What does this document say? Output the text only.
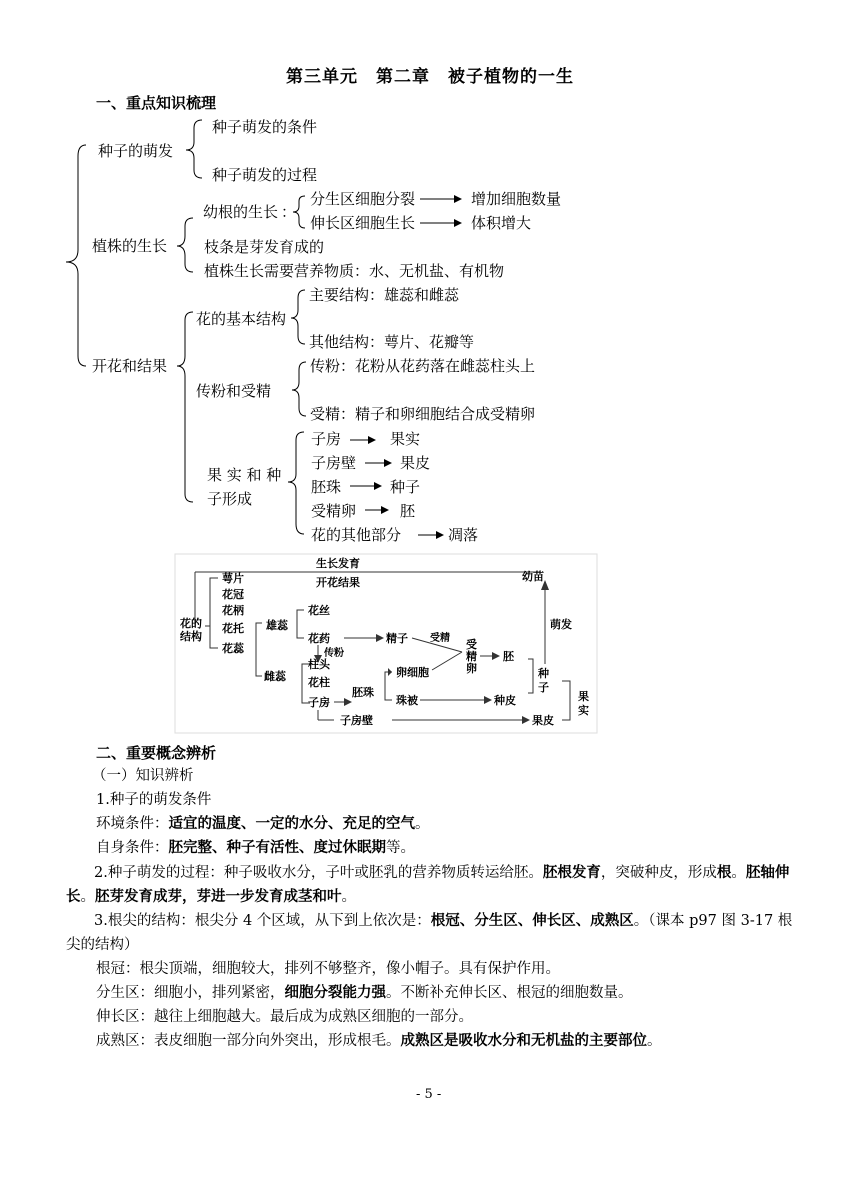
第三单元　第二章　被子植物的一生
一、重点知识梳理
种子的萌发
种子萌发的条件
种子萌发的过程
植株的生长
幼根的生长 ：
分生区细胞分裂	增加细胞数量
伸长区细胞生长	体积增大
枝条是芽发育成的
植株生长需要营养物质：水、无机盐、有机物
开花和结果
花的基本结构
主要结构：雄蕊和雌蕊
其他结构：萼片、花瓣等
传粉和受精
传粉：花粉从花药落在雌蕊柱头上
受精：精子和卵细胞结合成受精卵
果 实 和 种
子形成
子房	果实
子房壁	果皮
胚珠	种子
受精卵	胚
花的其他部分	凋落
生长发育
开花结果	幼苗
萌发
花的
结构
萼片
花冠
花柄
花托
花蕊
雄蕊
花丝
花药
传粉
精子 受精 受
精
卵
胚
雌蕊
柱头
花柱
子房
胚珠
卵细胞
珠被	种皮
种
子
果
实
子房壁	果皮
二、重要概念辨析
（一）知识辨析
1.种子的萌发条件
环境条件：适宜的温度、一定的水分、充足的空气。
自身条件：胚完整、种子有活性、度过休眠期等。
2.种子萌发的过程：种子吸收水分，子叶或胚乳的营养物质转运给胚。胚根发育，突破种皮，形成根。胚轴伸长。胚芽发育成芽，芽进一步发育成茎和叶。
3.根尖的结构：根尖分 4 个区域，从下到上依次是：根冠、分生区、伸长区、成熟区。（课本 p97 图 3-17 根尖的结构）
根冠：根尖顶端，细胞较大，排列不够整齐，像小帽子。具有保护作用。
分生区：细胞小，排列紧密，细胞分裂能力强。不断补充伸长区、根冠的细胞数量。
伸长区：越往上细胞越大。最后成为成熟区细胞的一部分。
成熟区：表皮细胞一部分向外突出，形成根毛。成熟区是吸收水分和无机盐的主要部位。
- 5 -
